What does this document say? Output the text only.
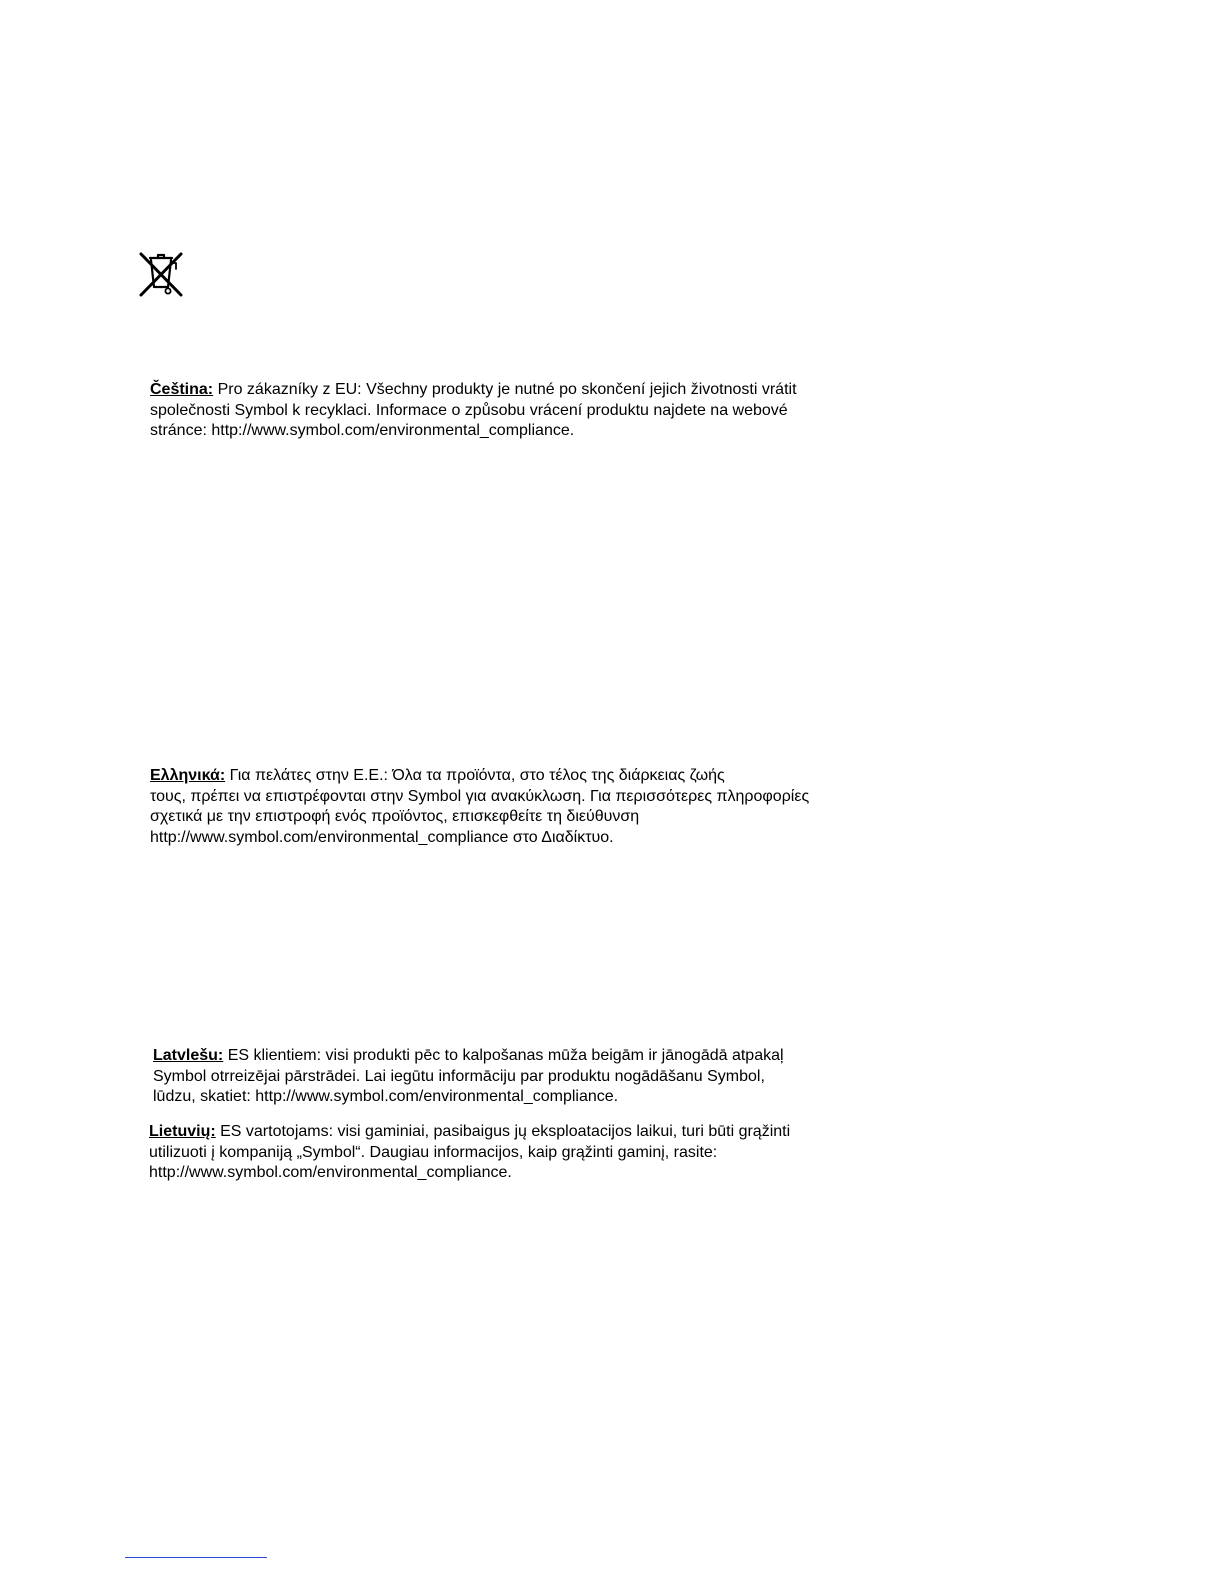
Čeština: Pro zákazníky z EU: Všechny produkty je nutné po skončení jejich životnosti vrátit
společnosti Symbol k recyklaci. Informace o způsobu vrácení produktu najdete na webové
stránce: http://www.symbol.com/environmental_compliance.
Ελληνικά: Για πελάτες στην Ε.Ε.: Όλα τα προϊόντα, στο τέλος της διάρκειας ζωής
τους, πρέπει να επιστρέφονται στην Symbol για ανακύκλωση. Για περισσότερες πληροφορίες
σχετικά με την επιστροφή ενός προϊόντος, επισκεφθείτε τη διεύθυνση
http://www.symbol.com/environmental_compliance στο Διαδίκτυο.
Latvlešu: ES klientiem: visi produkti pēc to kalpošanas mūža beigām ir jānogādā atpakaļ
Symbol otrreizējai pārstrādei. Lai iegūtu informāciju par produktu nogādāšanu Symbol,
lūdzu, skatiet: http://www.symbol.com/environmental_compliance.
Lietuvių: ES vartotojams: visi gaminiai, pasibaigus jų eksploatacijos laikui, turi būti grąžinti
utilizuoti į kompaniją „Symbol“. Daugiau informacijos, kaip grąžinti gaminį, rasite:
http://www.symbol.com/environmental_compliance.
